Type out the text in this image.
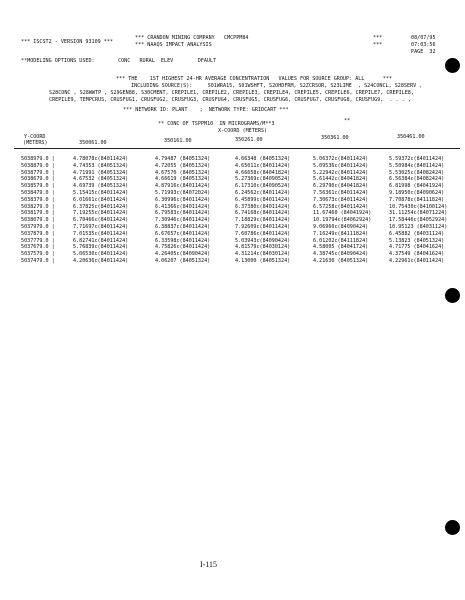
*** ISCST2 - VERSION 93109 ***
*** CRANDON MINING COMPANY   CMCPPM84
*** NAAQS IMPACT ANALYSIS
***
***
08/07/95
07:03:56
PAGE  32
**MODELING OPTIONS USED:	CONC   RURAL  ELEV        DFAULT
*** THE    1ST HIGHEST 24-HR AVERAGE CONCENTRATION   VALUES FOR SOURCE GROUP: ALL      ***
INCLUDING SOURCE(S):     S01WRA15, S01WSHFT, S2OHDFRM, S2ZCRSOR, S23LIME  , S24CONCL, S28SERV ,
S28CONC , S28WWTP , S29GEN88, S30CMENT, CREPILE1, CREPILE2, CREPILE3, CREPILE4, CREPILE5, CREPILE6, CREPILE7, CREPILE8,
CREPILE9, TEMPCRUS, CRUSFUG1, CRUSFUG2, CRUSFUG3, CRUSFUG4, CRUSFUG5, CRUSFUG6, CRUSFUG7, CRUSFUG8, CRUSFUG9,  . . . ,
*** NETWORK ID: PLANT    ;  NETWORK TYPE: GRIDCART ***
** CONC OF TSPPM10  IN MICROGRAMS/M**3	**
X-COORD (METERS)
Y-COORD
(METERS)	350061.00	350161.00	350261.00	350361.00	350461.00
5038979.0 |	4.78078c(84011424)	4.79487 (84051324)	4.66348 (84051324)	5.06372c(84011424)	5.59372c(84011424)
5038879.0 |	4.74353 (84051324)	4.72055 (84051324)	4.65011c(84011424)	5.09536c(84011424)	5.50984c(84011424)
5038779.0 |	4.71991 (84051324)	4.67570 (84051324)	4.66658c(84041824)	5.22942c(84011424)	5.53025c(84082424)
5038679.0 |	4.67532 (84051324)	4.66619 (84051324)	5.27369c(84090524)	5.61442c(84041824)	6.56384c(84082424)
5038579.0 |	4.69739 (84051324)	4.87916c(84011424)	6.17310c(84090524)	6.29790c(84041824)	6.81998 (84041924)
5038479.0 |	5.15415c(84011424)	5.71993c(84072024)	6.24562c(84011424)	7.56361c(84011424)	9.18950c(84090624)
5038379.0 |	6.01661c(84011424)	6.30996c(84011424)	6.45899c(84011424)	7.30673c(84011424)	7.70878c(84111824)
5038279.0 |	6.37825c(84011424)	6.41366c(84011424)	6.37380c(84011424)	6.57258c(84011424)	10.75430c(84100124)
5038179.0 |	7.19255c(84011424)	6.79583c(84011424)	6.74168c(84011424)	11.67460 (84041924)	31.11254c(84071224)
5038079.0 |	6.70466c(84011424)	7.30946c(84011424)	7.18829c(84011424)	10.19794c(84062924)	17.58446c(84052924)
5037979.0 |	7.71697c(84011424)	6.38837c(84011424)	7.92609c(84011424)	9.06960c(84090424)	10.95123 (84031124)
5037879.0 |	7.01535c(84011424)	6.67657c(84011424)	7.60786c(84011424)	7.16249c(84111824)	6.45882 (84031124)
5037779.0 |	6.82741c(84011424)	6.33598c(84011424)	5.03943c(84090424)	6.01202c(84111824)	5.13823 (84051324)
5037679.0 |	5.76839c(84011424)	4.75826c(84011424)	4.81579c(84030124)	4.58005 (84041724)	4.71775 (84041624)
5037579.0 |	5.06530c(84011424)	4.26405c(84090424)	4.31214c(84030124)	4.38745c(84090424)	4.37549 (84041624)
5037479.0 |	4.20636c(84011424)	4.06207 (84051324)	4.13000 (84051324)	4.21630 (84051324)	4.22961c(84011424)
I-115
